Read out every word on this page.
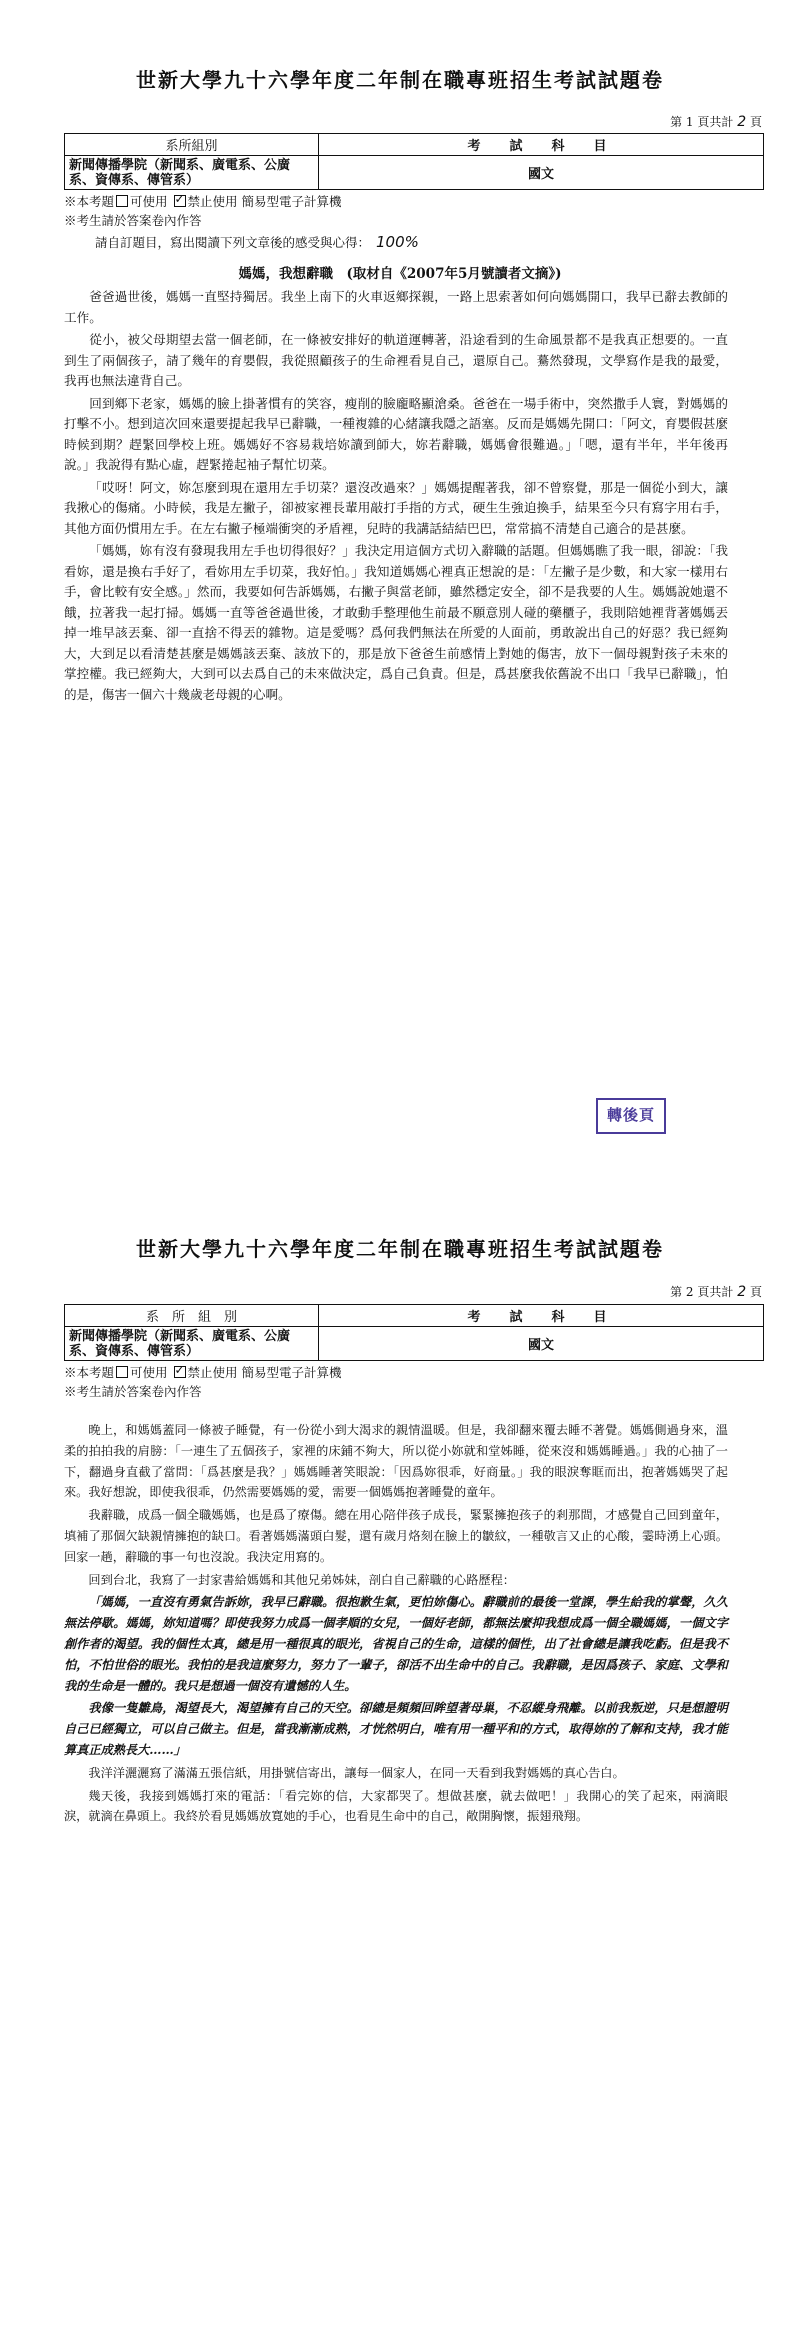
世新大學九十六學年度二年制在職專班招生考試試題卷
第 1 頁共計 2 頁
系所組別	考　試　科　目
新聞傳播學院（新聞系、廣電系、公廣系、資傳系、傳管系）	國文
※本考題 可使用 ✓ 禁止使用 簡易型電子計算機
※考生請於答案卷內作答
請自訂題目，寫出閱讀下列文章後的感受與心得： 100%
媽媽，我想辭職　(取材自《2007年5月號讀者文摘》)

爸爸過世後，媽媽一直堅持獨居。我坐上南下的火車返鄉探親，一路上思索著如何向媽媽開口，我早已辭去教師的工作。

從小，被父母期望去當一個老師，在一條被安排好的軌道運轉著，沿途看到的生命風景都不是我真正想要的。一直到生了兩個孩子，請了幾年的育嬰假，我從照顧孩子的生命裡看見自己，還原自己。驀然發現，文學寫作是我的最愛，我再也無法違背自己。

回到鄉下老家，媽媽的臉上掛著慣有的笑容，瘦削的臉龐略顯滄桑。爸爸在一場手術中，突然撒手人寰，對媽媽的打擊不小。想到這次回來還要提起我早已辭職，一種複雜的心緒讓我隱之語塞。反而是媽媽先開口：「阿文，育嬰假甚麼時候到期？趕緊回學校上班。媽媽好不容易栽培妳讀到師大，妳若辭職，媽媽會很難過。」「嗯，還有半年，半年後再說。」我說得有點心虛，趕緊捲起袖子幫忙切菜。

「哎呀！阿文，妳怎麼到現在還用左手切菜？還沒改過來？」媽媽提醒著我，卻不曾察覺，那是一個從小到大，讓我揪心的傷痛。小時候，我是左撇子，卻被家裡長輩用敲打手指的方式，硬生生強迫換手，結果至今只有寫字用右手，其他方面仍慣用左手。在左右撇子極端衝突的矛盾裡，兒時的我講話結結巴巴，常常搞不清楚自己適合的是甚麼。

「媽媽，妳有沒有發現我用左手也切得很好？」我決定用這個方式切入辭職的話題。但媽媽瞧了我一眼，卻說：「我看妳，還是換右手好了，看妳用左手切菜，我好怕。」我知道媽媽心裡真正想說的是：「左撇子是少數，和大家一樣用右手，會比較有安全感。」然而，我要如何告訴媽媽，右撇子與當老師，雖然穩定安全，卻不是我要的人生。媽媽說她還不餓，拉著我一起打掃。媽媽一直等爸爸過世後，才敢動手整理他生前最不願意別人碰的藥櫃子，我則陪她裡背著媽媽丟掉一堆早該丟棄、卻一直捨不得丟的雜物。這是愛嗎？爲何我們無法在所愛的人面前，勇敢說出自己的好惡？我已經夠大，大到足以看清楚甚麼是媽媽該丟棄、該放下的，那是放下爸爸生前感情上對她的傷害，放下一個母親對孩子未來的掌控權。我已經夠大，大到可以去爲自己的未來做決定，爲自己負責。但是，爲甚麼我依舊說不出口「我早已辭職」，怕的是，傷害一個六十幾歲老母親的心啊。

轉後頁
世新大學九十六學年度二年制在職專班招生考試試題卷
第 2 頁共計 2 頁
系　所　組　別	考　試　科　目
新聞傳播學院（新聞系、廣電系、公廣系、資傳系、傳管系）	國文
※本考題 可使用 ✓ 禁止使用 簡易型電子計算機
※考生請於答案卷內作答

晚上，和媽媽蓋同一條被子睡覺，有一份從小到大渴求的親情溫暖。但是，我卻翻來覆去睡不著覺。媽媽側過身來，溫柔的拍拍我的肩膀：「一連生了五個孩子，家裡的床鋪不夠大，所以從小妳就和堂姊睡，從來沒和媽媽睡過。」我的心抽了一下，翻過身直截了當問：「爲甚麼是我？」媽媽睡著笑眼說：「因爲妳很乖，好商量。」我的眼淚奪眶而出，抱著媽媽哭了起來。我好想說，即使我很乖，仍然需要媽媽的愛，需要一個媽媽抱著睡覺的童年。

我辭職，成爲一個全職媽媽，也是爲了療傷。總在用心陪伴孩子成長，緊緊擁抱孩子的剎那間，才感覺自己回到童年，填補了那個欠缺親情擁抱的缺口。看著媽媽滿頭白髮，還有歲月烙刻在臉上的皺紋，一種敬言又止的心酸，霎時湧上心頭。回家一趟，辭職的事一句也沒說。我決定用寫的。

回到台北，我寫了一封家書給媽媽和其他兄弟姊妹，剖白自己辭職的心路歷程：

「媽媽，一直沒有勇氣告訴妳，我早已辭職。很抱歉生氣，更怕妳傷心。辭職前的最後一堂課，學生給我的掌聲，久久無法停歇。媽媽，妳知道嗎？即使我努力成爲一個孝順的女兒，一個好老師，都無法麼抑我想成爲一個全職媽媽，一個文字創作者的渴望。我的個性太真，總是用一種很真的眼光，省視自己的生命，這樣的個性，出了社會總是讓我吃虧。但是我不怕，不怕世俗的眼光。我怕的是我這麼努力，努力了一輩子，卻活不出生命中的自己。我辭職，是因爲孩子、家庭、文學和我的生命是一體的。我只是想過一個沒有遺憾的人生。

我像一隻雛鳥，渴望長大，渴望擁有自己的天空。卻總是頻頻回眸望著母巢，不忍縱身飛離。以前我叛逆，只是想證明自己已經獨立，可以自己做主。但是，當我漸漸成熟，才恍然明白，唯有用一種平和的方式，取得妳的了解和支持，我才能算真正成熟長大……」

我洋洋灑灑寫了滿滿五張信紙，用掛號信寄出，讓每一個家人，在同一天看到我對媽媽的真心告白。

幾天後，我接到媽媽打來的電話：「看完妳的信，大家都哭了。想做甚麼，就去做吧！」我開心的笑了起來，兩滴眼淚，就滴在鼻頭上。我終於看見媽媽放寬她的手心，也看見生命中的自己，敞開胸懷，振翅飛翔。
